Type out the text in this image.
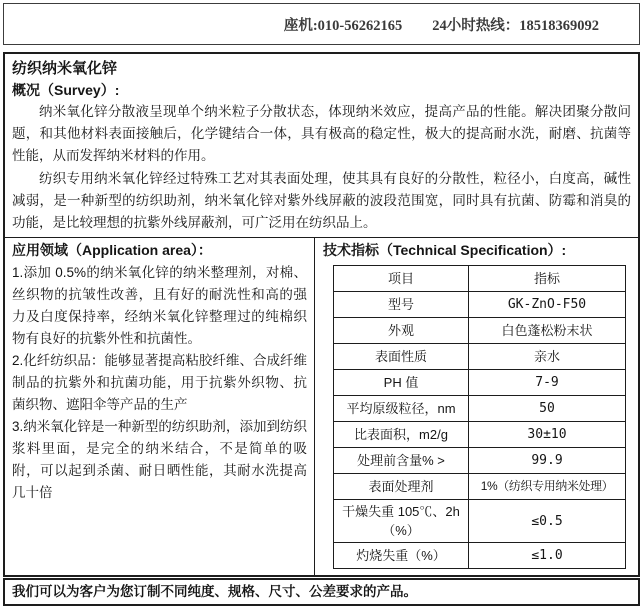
座机:010-56262165 24小时热线：18518369092
纺织纳米氧化锌
概况（Survey）:

纳米氧化锌分散液呈现单个纳米粒子分散状态，体现纳米效应，提高产品的性能。解决团聚分散问题，和其他材料表面接触后，化学键结合一体，具有极高的稳定性，极大的提高耐水洗，耐磨、抗菌等性能，从而发挥纳米材料的作用。

纺织专用纳米氧化锌经过特殊工艺对其表面处理，使其具有良好的分散性，粒径小，白度高，碱性减弱，是一种新型的纺织助剂，纳米氧化锌对紫外线屏蔽的波段范围宽，同时具有抗菌、防霉和消臭的功能，是比较理想的抗紫外线屏蔽剂，可广泛用在纺织品上。

应用领域（Application area）：

1.添加 0.5%的纳米氧化锌的纳米整理剂，对棉、丝织物的抗皱性改善，且有好的耐洗性和高的强力及白度保持率，经纳米氧化锌整理过的纯棉织物有良好的抗紫外性和抗菌性。

2.化纤纺织品：能够显著提高粘胶纤维、合成纤维制品的抗紫外和抗菌功能，用于抗紫外织物、抗菌织物、遮阳伞等产品的生产

3.纳米氧化锌是一种新型的纺织助剂，添加到纺织浆料里面，是完全的纳米结合，不是简单的吸附，可以起到杀菌、耐日晒性能，其耐水洗提高几十倍

技术指标（Technical Specification）:
项目	指标
型号	GK-ZnO-F50
外观	白色蓬松粉末状
表面性质	亲水
PH 值	7-9
平均原级粒径，nm	50
比表面积，m2/g	30±10
处理前含量% >	99.9
表面处理剂	1%（纺织专用纳米处理）
干燥失重 105℃、2h（%）	≤0.5
灼烧失重（%）	≤1.0
我们可以为客户为您订制不同纯度、规格、尺寸、公差要求的产品。
